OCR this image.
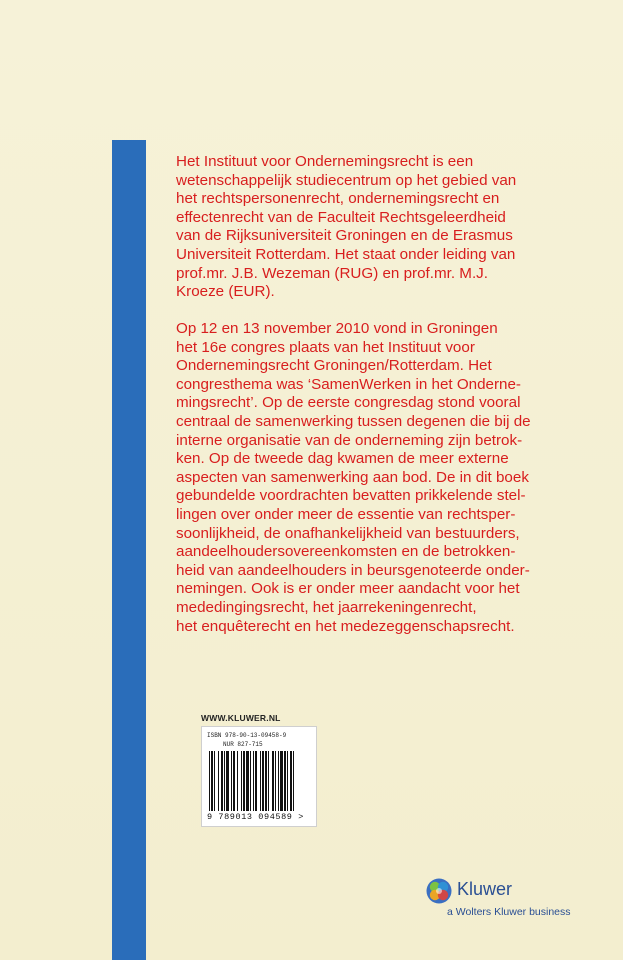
Het Instituut voor Ondernemingsrecht is een

wetenschappelijk studiecentrum op het gebied van

het rechtspersonenrecht, ondernemingsrecht en

effectenrecht van de Faculteit Rechtsgeleerdheid

van de Rijksuniversiteit Groningen en de Erasmus

Universiteit Rotterdam. Het staat onder leiding van

prof.mr. J.B. Wezeman (RUG) en prof.mr. M.J.

Kroeze (EUR).

Op 12 en 13 november 2010 vond in Groningen

het 16e congres plaats van het Instituut voor

Ondernemingsrecht Groningen/Rotterdam. Het

congresthema was ‘SamenWerken in het Onderne-

mingsrecht’. Op de eerste congresdag stond vooral

centraal de samenwerking tussen degenen die bij de

interne organisatie van de onderneming zijn betrok-

ken. Op de tweede dag kwamen de meer externe

aspecten van samenwerking aan bod. De in dit boek

gebundelde voordrachten bevatten prikkelende stel-

lingen over onder meer de essentie van rechtsper-

soonlijkheid, de onafhankelijkheid van bestuurders,

aandeelhoudersovereenkomsten en de betrokken-

heid van aandeelhouders in beursgenoteerde onder-

nemingen. Ook is er onder meer aandacht voor het

mededingingsrecht, het jaarrekeningenrecht,

het enquêterecht en het medezeggenschapsrecht.

WWW.KLUWER.NL
ISBN 978-90-13-09458-9
NUR 827-715
9 789013 094589 >
Kluwer
a Wolters Kluwer business
